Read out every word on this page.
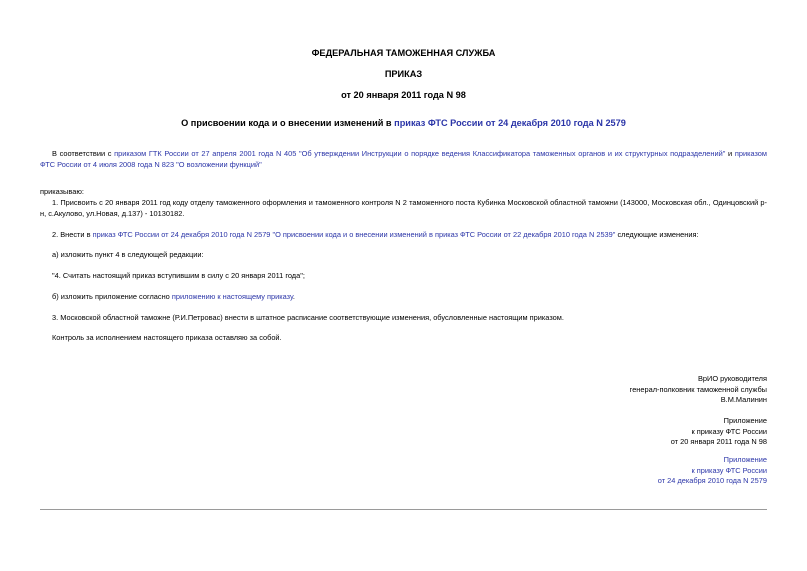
ФЕДЕРАЛЬНАЯ ТАМОЖЕННАЯ СЛУЖБА
ПРИКАЗ
от 20 января 2011 года N 98
О присвоении кода и о внесении изменений в приказ ФТС России от 24 декабря 2010 года N 2579
В соответствии с приказом ГТК России от 27 апреля 2001 года N 405 "Об утверждении Инструкции о порядке ведения Классификатора таможенных органов и их структурных подразделений" и приказом ФТС России от 4 июля 2008 года N 823 "О возложении функций"
приказываю:
1. Присвоить с 20 января 2011 год коду отделу таможенного оформления и таможенного контроля N 2 таможенного поста Кубинка Московской областной таможни (143000, Московская обл., Одинцовский р-н, с.Акулово, ул.Новая, д.137) - 10130182.
2. Внести в приказ ФТС России от 24 декабря 2010 года N 2579 "О присвоении кода и о внесении изменений в приказ ФТС России от 22 декабря 2010 года N 2539" следующие изменения:
а) изложить пункт 4 в следующей редакции:
"4. Считать настоящий приказ вступившим в силу с 20 января 2011 года";
б) изложить приложение согласно приложению к настоящему приказу.
3. Московской областной таможне (Р.И.Петровас) внести в штатное расписание соответствующие изменения, обусловленные настоящим приказом.
Контроль за исполнением настоящего приказа оставляю за собой.
ВрИО руководителя
генерал-полковник таможенной службы
В.М.Малинин
Приложение
к приказу ФТС России
от 20 января 2011 года N 98
Приложение
к приказу ФТС России
от 24 декабря 2010 года N 2579
